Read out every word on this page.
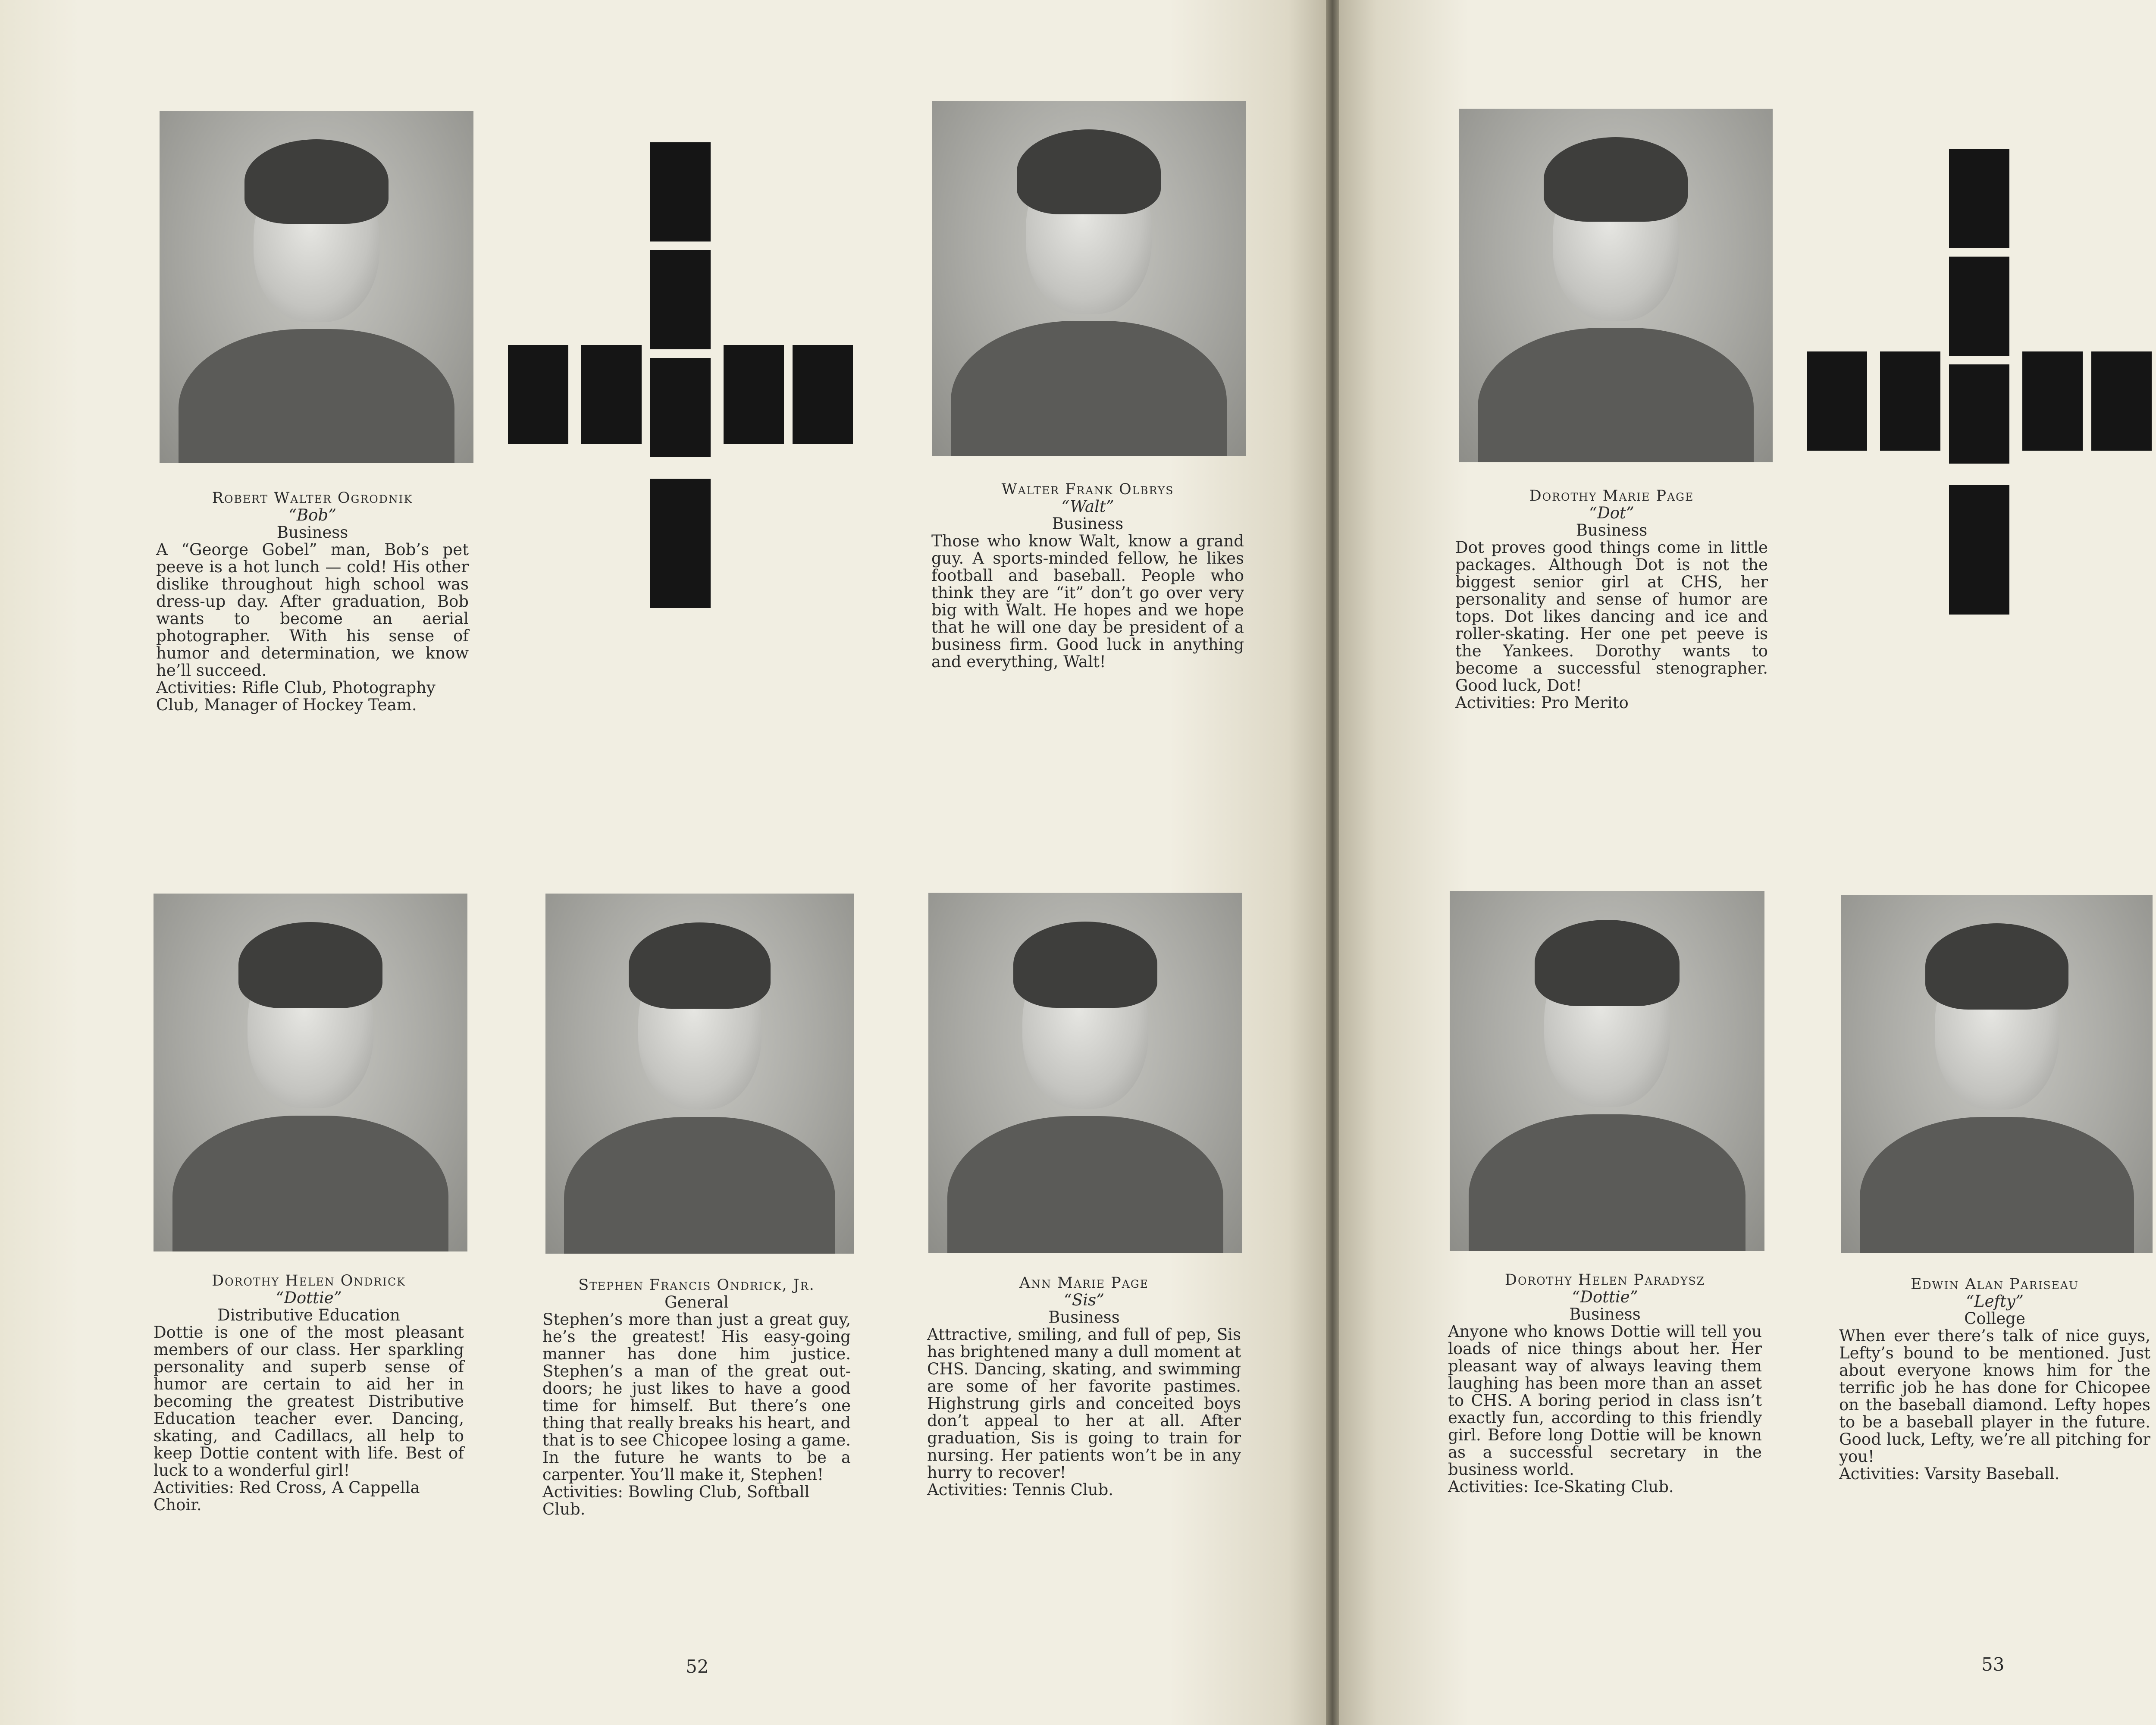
Robert Walter Ogrodnik
“Bob”
Business
A “George Gobel” man, Bob’s pet peeve is a hot lunch — cold! His other dislike throughout high school was dress-up day. After graduation, Bob wants to become an aerial photographer. With his sense of humor and determination, we know he’ll succeed.
Activities: Rifle Club, Photography Club, Manager of Hockey Team.
Walter Frank Olbrys
“Walt”
Business
Those who know Walt, know a grand guy. A sports-minded fellow, he likes football and baseball. People who think they are “it” don’t go over very big with Walt. He hopes and we hope that he will one day be president of a business firm. Good luck in anything and everything, Walt!
Dorothy Helen Ondrick
“Dottie”
Distributive Education
Dottie is one of the most pleasant members of our class. Her sparkling personality and superb sense of humor are certain to aid her in becoming the greatest Distributive Education teacher ever. Dancing, skating, and Cadillacs, all help to keep Dottie content with life. Best of luck to a wonderful girl!
Activities: Red Cross, A Cappella Choir.
Stephen Francis Ondrick, Jr.
General
Stephen’s more than just a great guy, he’s the greatest! His easy-going manner has done him justice. Stephen’s a man of the great out-doors; he just likes to have a good time for himself. But there’s one thing that really breaks his heart, and that is to see Chicopee losing a game. In the future he wants to be a carpenter. You’ll make it, Stephen!
Activities: Bowling Club, Softball Club.
Ann Marie Page
“Sis”
Business
Attractive, smiling, and full of pep, Sis has brightened many a dull moment at CHS. Dancing, skating, and swimming are some of her favorite pastimes. Highstrung girls and conceited boys don’t appeal to her at all. After graduation, Sis is going to train for nursing. Her patients won’t be in any hurry to recover!
Activities: Tennis Club.
52
Dorothy Marie Page
“Dot”
Business
Dot proves good things come in little packages. Although Dot is not the biggest senior girl at CHS, her personality and sense of humor are tops. Dot likes dancing and ice and roller-skating. Her one pet peeve is the Yankees. Dorothy wants to become a successful stenographer. Good luck, Dot!
Activities: Pro Merito
Dorothy Helen Paradysz
“Dottie”
Business
Anyone who knows Dottie will tell you loads of nice things about her. Her pleasant way of always leaving them laughing has been more than an asset to CHS. A boring period in class isn’t exactly fun, according to this friendly girl. Before long Dottie will be known as a successful secretary in the business world.
Activities: Ice-Skating Club.
Edwin Alan Pariseau
“Lefty”
College
When ever there’s talk of nice guys, Lefty’s bound to be mentioned. Just about everyone knows him for the terrific job he has done for Chicopee on the baseball diamond. Lefty hopes to be a baseball player in the future. Good luck, Lefty, we’re all pitching for you!
Activities: Varsity Baseball.
53
